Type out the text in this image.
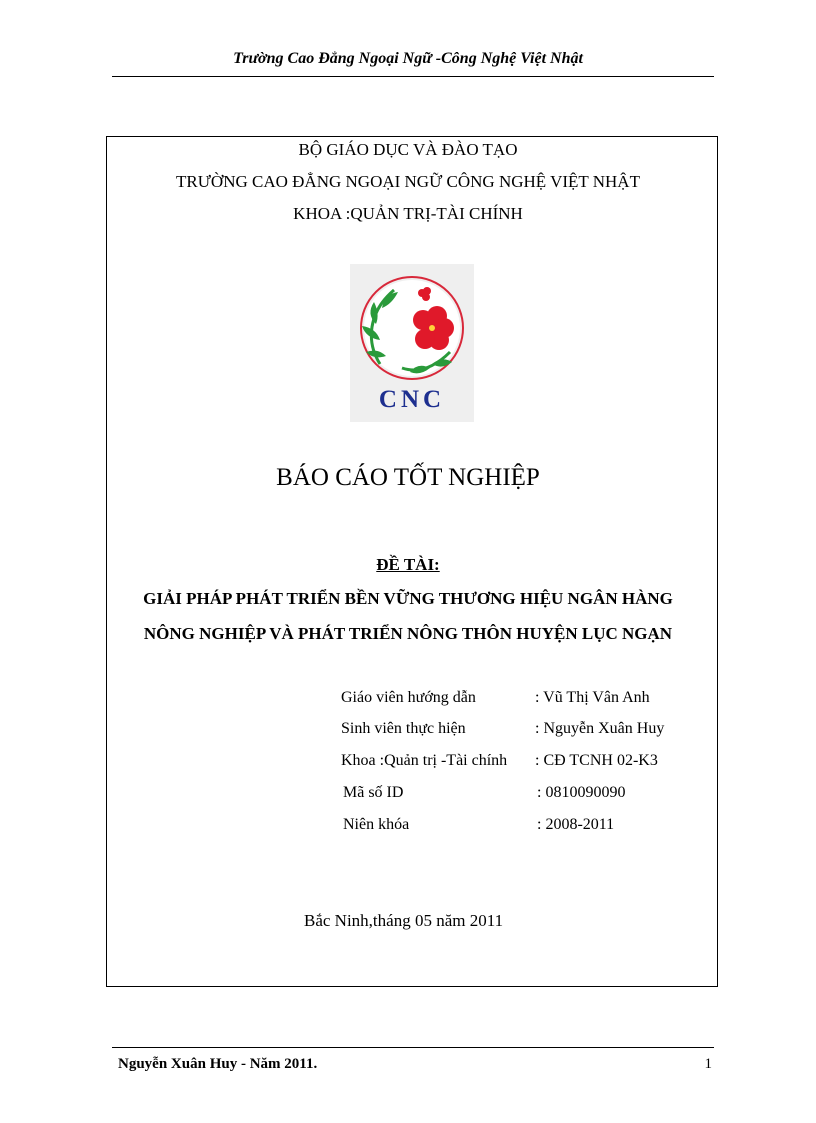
Trường Cao Đẳng Ngoại Ngữ -Công Nghệ Việt Nhật
BỘ GIÁO DỤC VÀ ĐÀO TẠO
TRƯỜNG CAO ĐẲNG NGOẠI NGỮ CÔNG NGHỆ VIỆT NHẬT
KHOA :QUẢN TRỊ-TÀI CHÍNH
CNC
BÁO CÁO TỐT NGHIỆP
ĐỀ TÀI:
GIẢI PHÁP PHÁT TRIỂN BỀN VỮNG THƯƠNG HIỆU NGÂN HÀNG
NÔNG NGHIỆP VÀ PHÁT TRIỂN NÔNG THÔN HUYỆN LỤC NGẠN
Giáo viên hướng dẫn	: Vũ Thị Vân Anh
Sinh viên thực hiện	: Nguyễn Xuân Huy
Khoa :Quản trị -Tài chính : CĐ TCNH 02-K3
Mã số ID	: 0810090090
Niên khóa	: 2008-2011
Bắc Ninh,tháng 05 năm 2011
Nguyễn Xuân Huy - Năm 2011.	1
